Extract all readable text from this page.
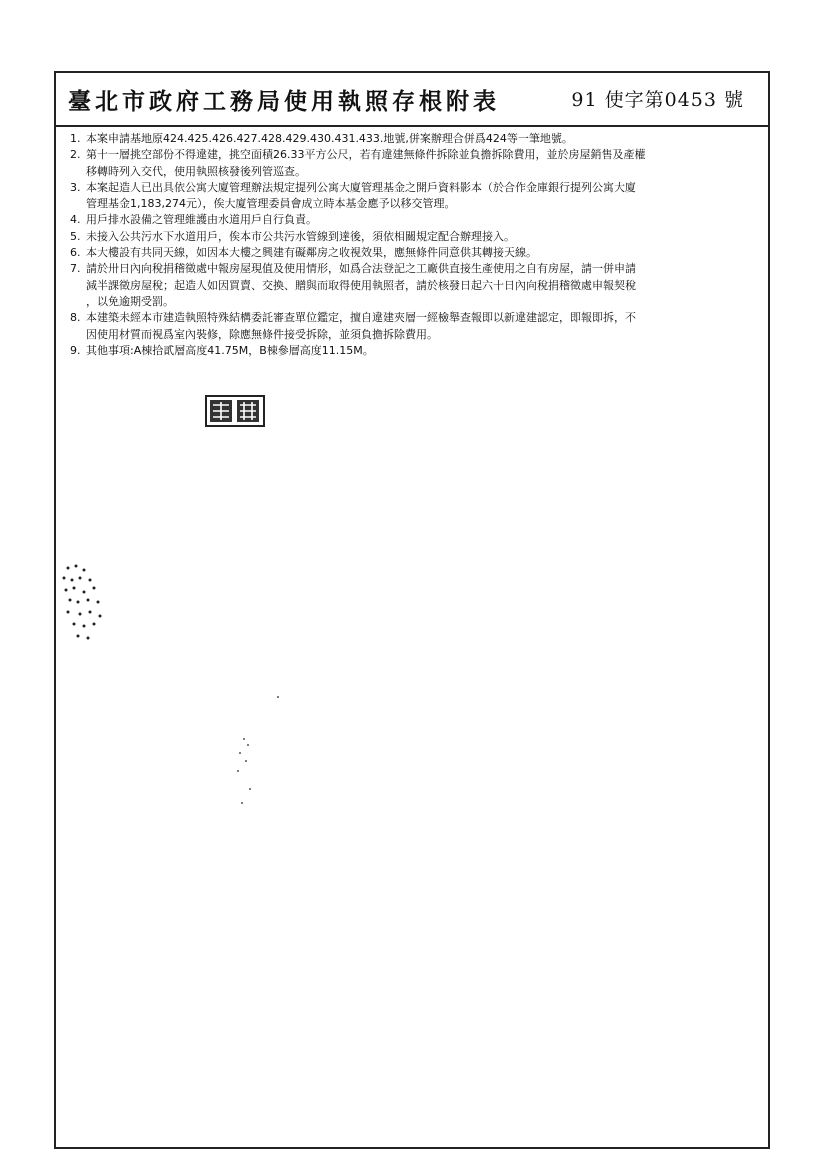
臺北市政府工務局使用執照存根附表	91 使字第0453 號
1. 本案申請基地原424.425.426.427.428.429.430.431.433.地號,併案辦理合併爲424等一筆地號。
2. 第十一層挑空部份不得違建，挑空面積26.33平方公尺，若有違建無條件拆除並負擔拆除費用，並於房屋銷售及產權
移轉時列入交代，使用執照核發後列管巡查。
3. 本案起造人已出具依公寓大廈管理辦法規定提列公寓大廈管理基金之開戶資料影本（於合作金庫銀行提列公寓大廈
管理基金1,183,274元），俟大廈管理委員會成立時本基金應予以移交管理。
4. 用戶排水設備之管理維護由水道用戶自行負責。
5. 未接入公共污水下水道用戶，俟本市公共污水管線到達後，須依相關規定配合辦理接入。
6. 本大樓設有共同天線，如因本大樓之興建有礙鄰房之收視效果，應無條件同意供其轉接天線。
7. 請於卅日內向稅捐稽徵處中報房屋現值及使用情形，如爲合法登記之工廠供直接生產使用之自有房屋，請一併申請
減半課徵房屋稅；起造人如因買賣、交換、贈與而取得使用執照者，請於核發日起六十日內向稅捐稽徵處申報契稅
，以免逾期受罰。
8. 本建築未經本市建造執照特殊結構委託審查單位鑑定，擅自違建夾層一經檢舉查報即以新違建認定，即報即拆，不
因使用材質而視爲室內裝修，除應無條件接受拆除，並須負擔拆除費用。
9. 其他事項:A棟拾貳層高度41.75M，B棟參層高度11.15M。
